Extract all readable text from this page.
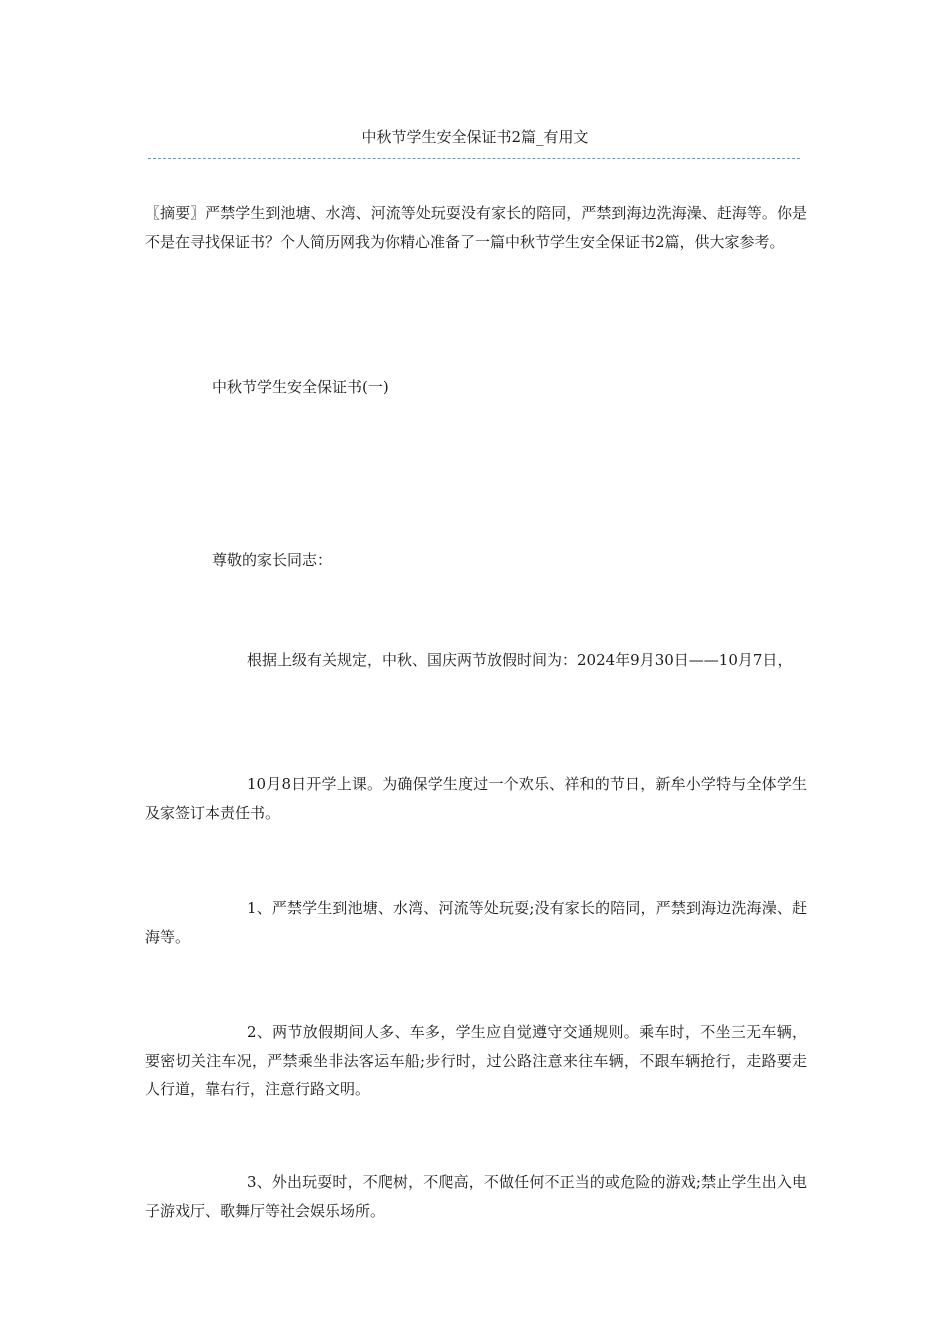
中秋节学生安全保证书2篇_有用文

〖摘要〗严禁学生到池塘、水湾、河流等处玩耍没有家长的陪同，严禁到海边洗海澡、赶海等。你是不是在寻找保证书？个人简历网我为你精心准备了一篇中秋节学生安全保证书2篇，供大家参考。

中秋节学生安全保证书(一)

尊敬的家长同志：

根据上级有关规定，中秋、国庆两节放假时间为：2024年9月30日——10月7日，

10月8日开学上课。为确保学生度过一个欢乐、祥和的节日，新牟小学特与全体学生及家签订本责任书。

1、严禁学生到池塘、水湾、河流等处玩耍;没有家长的陪同，严禁到海边洗海澡、赶海等。

2、两节放假期间人多、车多，学生应自觉遵守交通规则。乘车时，不坐三无车辆，要密切关注车况，严禁乘坐非法客运车船;步行时，过公路注意来往车辆，不跟车辆抢行，走路要走人行道，靠右行，注意行路文明。

3、外出玩耍时，不爬树，不爬高，不做任何不正当的或危险的游戏;禁止学生出入电子游戏厅、歌舞厅等社会娱乐场所。
